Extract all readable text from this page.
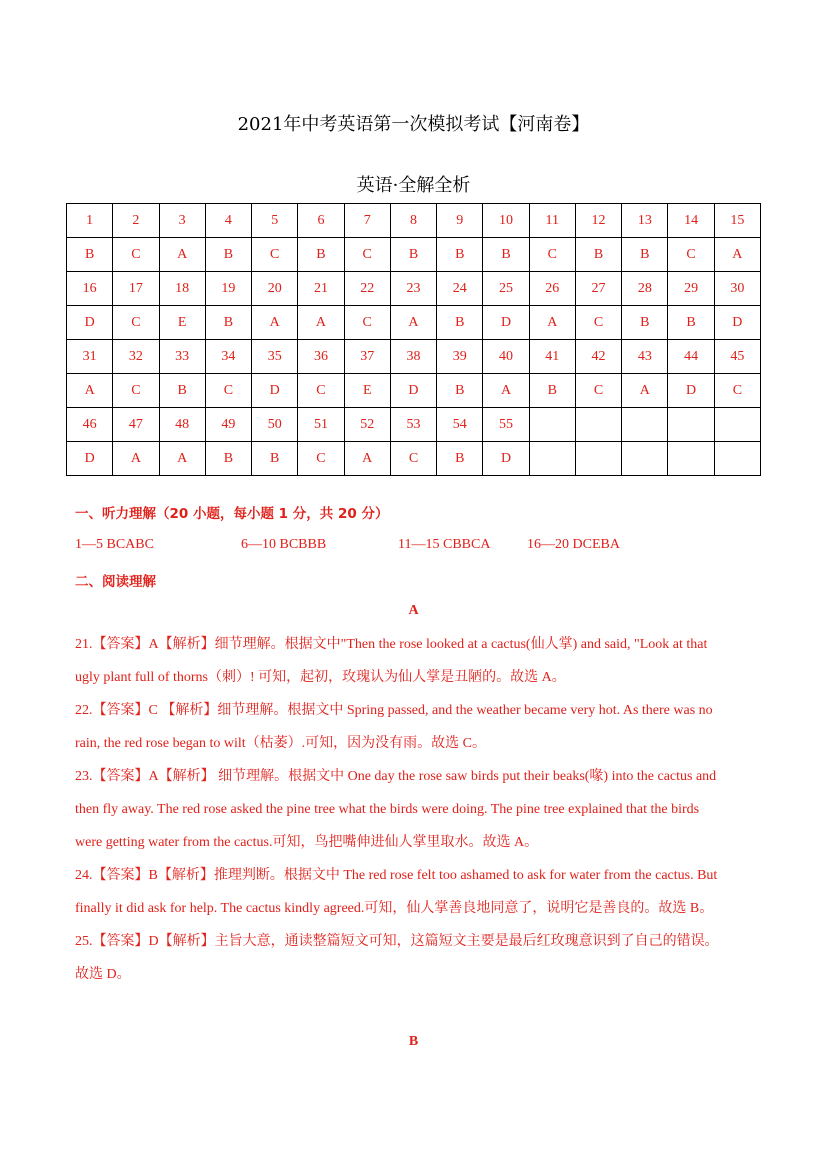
2021年中考英语第一次模拟考试【河南卷】
英语·全解全析
1	2	3	4	5	6	7	8	9	10	11	12	13	14	15
B	C	A	B	C	B	C	B	B	B	C	B	B	C	A
16	17	18	19	20	21	22	23	24	25	26	27	28	29	30
D	C	E	B	A	A	C	A	B	D	A	C	B	B	D
31	32	33	34	35	36	37	38	39	40	41	42	43	44	45
A	C	B	C	D	C	E	D	B	A	B	C	A	D	C
46	47	48	49	50	51	52	53	54	55					
D	A	A	B	B	C	A	C	B	D					
一、听力理解（20 小题，每小题 1 分，共 20 分）
1—5 BCABC	6—10 BCBBB	11—15 CBBCA	16—20 DCEBA
二、阅读理解
A
21.【答案】A【解析】细节理解。根据文中"Then the rose looked at a cactus(仙人掌) and said, "Look at that
ugly plant full of thorns（刺）! 可知，起初，玫瑰认为仙人掌是丑陋的。故选 A。
22.【答案】C 【解析】细节理解。根据文中 Spring passed, and the weather became very hot. As there was no
rain, the red rose began to wilt（枯萎）.可知，因为没有雨。故选 C。
23.【答案】A【解析】 细节理解。根据文中 One day the rose saw birds put their beaks(喙) into the cactus and
then fly away. The red rose asked the pine tree what the birds were doing. The pine tree explained that the birds
were getting water from the cactus.可知，鸟把嘴伸进仙人掌里取水。故选 A。
24.【答案】B【解析】推理判断。根据文中 The red rose felt too ashamed to ask for water from the cactus. But
finally it did ask for help. The cactus kindly agreed.可知，仙人掌善良地同意了，说明它是善良的。故选 B。
25.【答案】D【解析】主旨大意，通读整篇短文可知，这篇短文主要是最后红玫瑰意识到了自己的错误。
故选 D。
B
